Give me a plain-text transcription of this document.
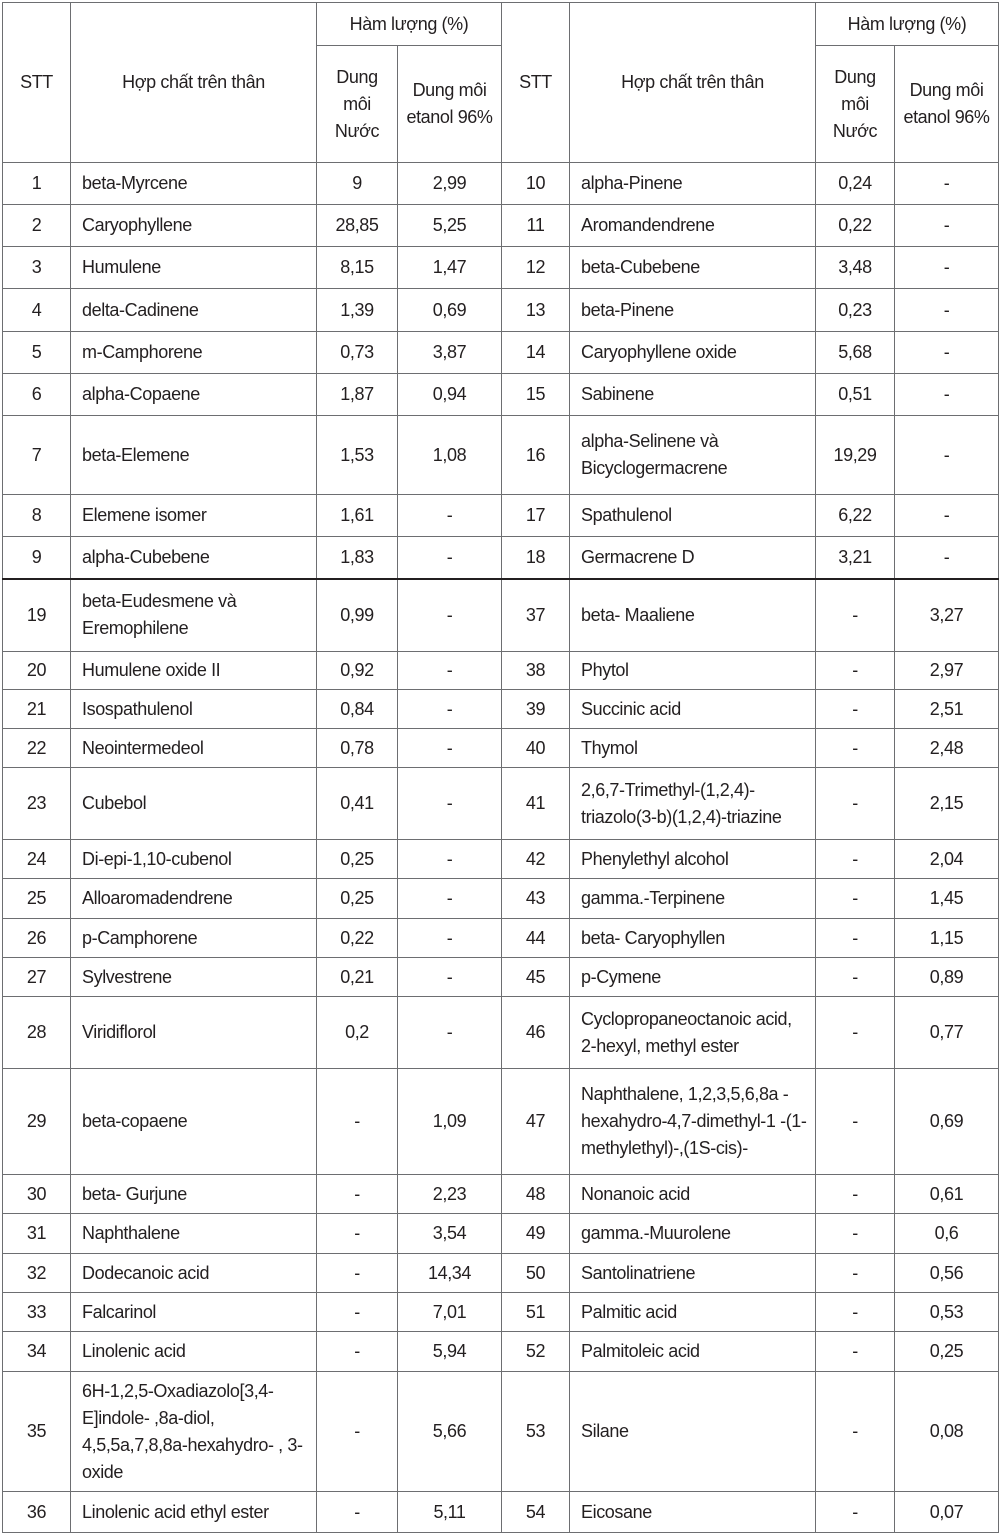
STT	Hợp chất trên thân	Hàm lượng (%)		STT	Hợp chất trên thân	Hàm lượng (%)	
		Dung môi Nước	Dung môi etanol 96%			Dung môi Nước	Dung môi etanol 96%
1	beta-Myrcene	9	2,99	10	alpha-Pinene	0,24	-
2	Caryophyllene	28,85	5,25	11	Aromandendrene	0,22	-
3	Humulene	8,15	1,47	12	beta-Cubebene	3,48	-
4	delta-Cadinene	1,39	0,69	13	beta-Pinene	0,23	-
5	m-Camphorene	0,73	3,87	14	Caryophyllene oxide	5,68	-
6	alpha-Copaene	1,87	0,94	15	Sabinene	0,51	-
7	beta-Elemene	1,53	1,08	16	alpha-Selinene và Bicyclogermacrene	19,29	-
8	Elemene isomer	1,61	-	17	Spathulenol	6,22	-
9	alpha-Cubebene	1,83	-	18	Germacrene D	3,21	-
19	beta-Eudesmene và Eremophilene	0,99	-	37	beta- Maaliene	-	3,27
20	Humulene oxide II	0,92	-	38	Phytol	-	2,97
21	Isospathulenol	0,84	-	39	Succinic acid	-	2,51
22	Neointermedeol	0,78	-	40	Thymol	-	2,48
23	Cubebol	0,41	-	41	2,6,7-Trimethyl-(1,2,4)-triazolo(3-b)(1,2,4)-triazine	-	2,15
24	Di-epi-1,10-cubenol	0,25	-	42	Phenylethyl alcohol	-	2,04
25	Alloaromadendrene	0,25	-	43	gamma.-Terpinene	-	1,45
26	p-Camphorene	0,22	-	44	beta- Caryophyllen	-	1,15
27	Sylvestrene	0,21	-	45	p-Cymene	-	0,89
28	Viridiflorol	0,2	-	46	Cyclopropaneoctanoic acid, 2-hexyl, methyl ester	-	0,77
29	beta-copaene	-	1,09	47	Naphthalene, 1,2,3,5,6,8a -hexahydro-4,7-dimethyl-1 -(1-methylethyl)-,(1S-cis)-	-	0,69
30	beta- Gurjune	-	2,23	48	Nonanoic acid	-	0,61
31	Naphthalene	-	3,54	49	gamma.-Muurolene	-	0,6
32	Dodecanoic acid	-	14,34	50	Santolinatriene	-	0,56
33	Falcarinol	-	7,01	51	Palmitic acid	-	0,53
34	Linolenic acid	-	5,94	52	Palmitoleic acid	-	0,25
35	6H-1,2,5-Oxadiazolo[3,4-E]indole- ,8a-diol, 4,5,5a,7,8,8a-hexahydro- , 3-oxide	-	5,66	53	Silane	-	0,08
36	Linolenic acid ethyl ester	-	5,11	54	Eicosane	-	0,07
